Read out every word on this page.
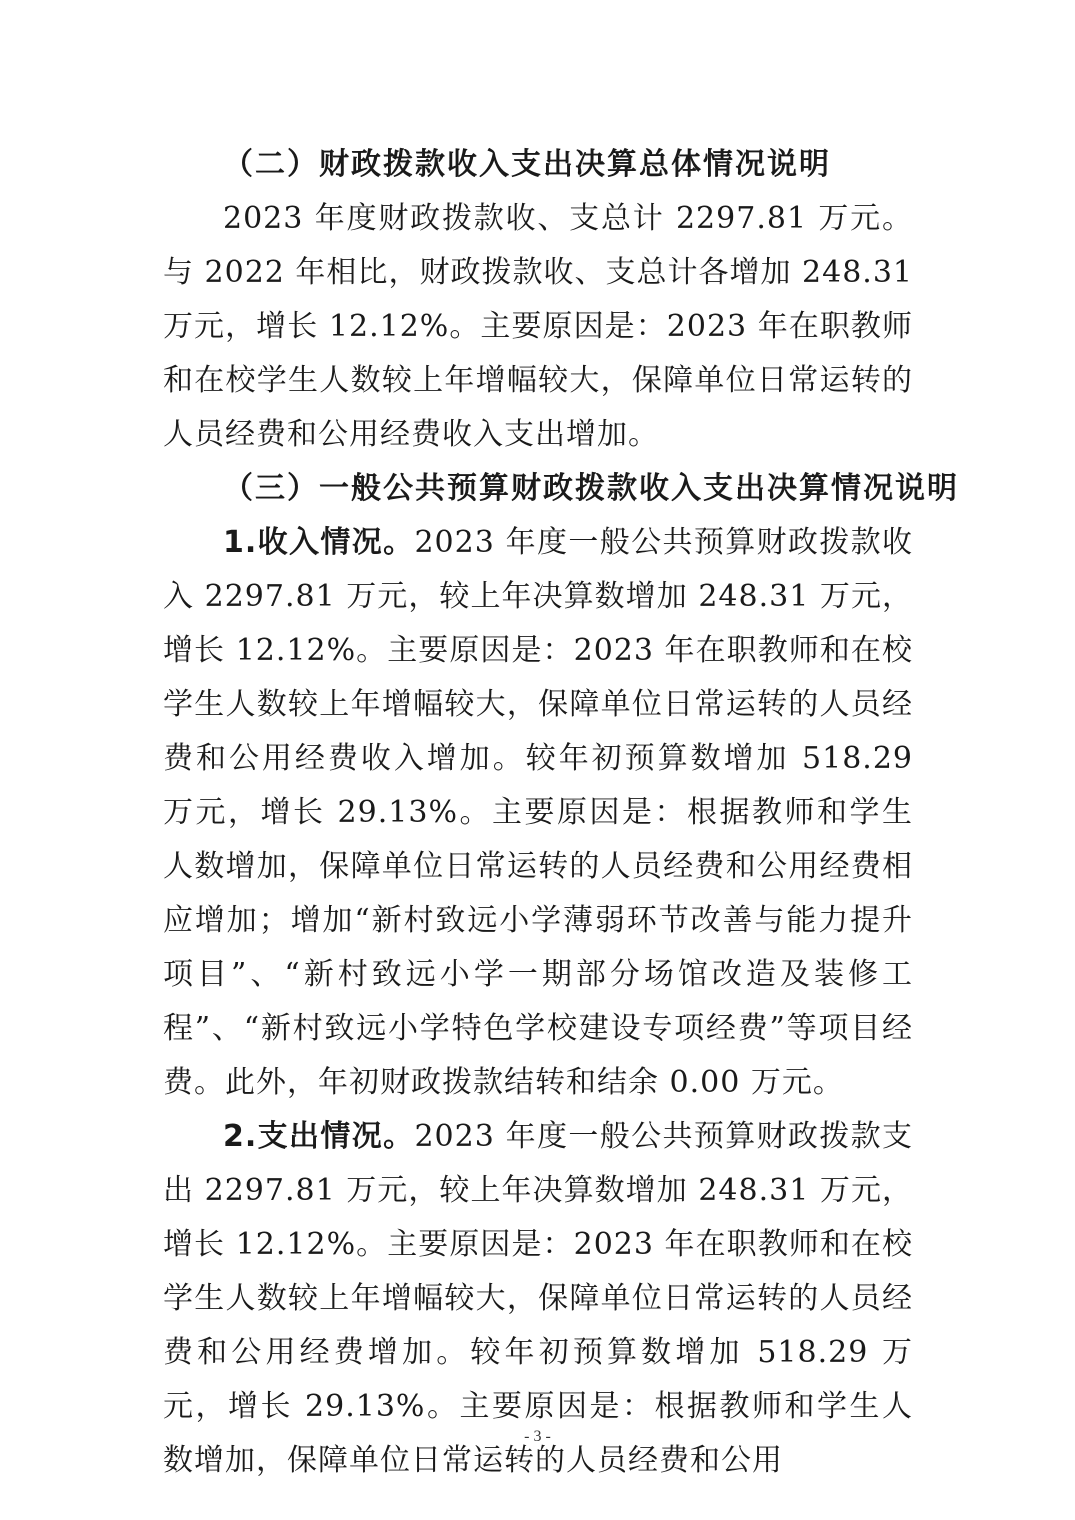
（二）财政拨款收入支出决算总体情况说明

2023 年度财政拨款收、支总计 2297.81 万元。与 2022 年相比，财政拨款收、支总计各增加 248.31 万元，增长 12.12%。主要原因是：2023 年在职教师和在校学生人数较上年增幅较大，保障单位日常运转的人员经费和公用经费收入支出增加。

（三）一般公共预算财政拨款收入支出决算情况说明

1.收入情况。2023 年度一般公共预算财政拨款收入 2297.81 万元，较上年决算数增加 248.31 万元，增长 12.12%。主要原因是：2023 年在职教师和在校学生人数较上年增幅较大，保障单位日常运转的人员经费和公用经费收入增加。较年初预算数增加 518.29 万元，增长 29.13%。主要原因是：根据教师和学生人数增加，保障单位日常运转的人员经费和公用经费相应增加；增加“新村致远小学薄弱环节改善与能力提升项目”、“新村致远小学一期部分场馆改造及装修工程”、“新村致远小学特色学校建设专项经费”等项目经费。此外，年初财政拨款结转和结余 0.00 万元。

2.支出情况。2023 年度一般公共预算财政拨款支出 2297.81 万元，较上年决算数增加 248.31 万元，增长 12.12%。主要原因是：2023 年在职教师和在校学生人数较上年增幅较大，保障单位日常运转的人员经费和公用经费增加。较年初预算数增加 518.29 万元，增长 29.13%。主要原因是：根据教师和学生人数增加，保障单位日常运转的人员经费和公用

- 3 -
